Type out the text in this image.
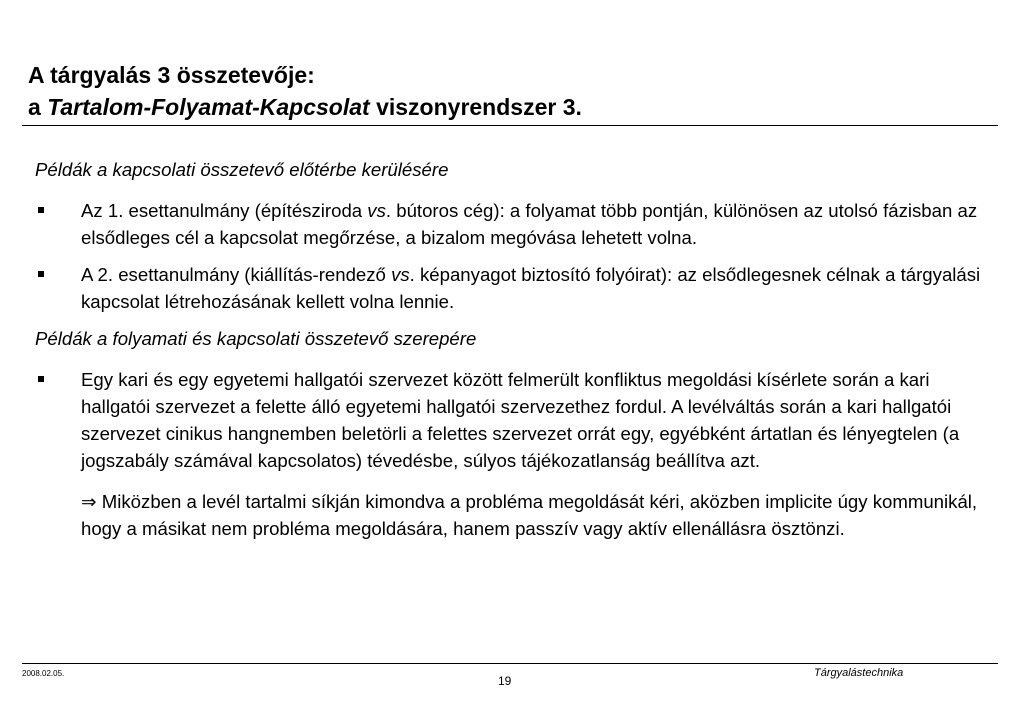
A tárgyalás 3 összetevője:
a Tartalom-Folyamat-Kapcsolat viszonyrendszer 3.

Példák a kapcsolati összetevő előtérbe kerülésére

Az 1. esettanulmány (építésziroda vs. bútoros cég): a folyamat több pontján, különösen az utolsó fázisban az elsődleges cél a kapcsolat megőrzése, a bizalom megóvása lehetett volna.
A 2. esettanulmány (kiállítás-rendező vs. képanyagot biztosító folyóirat): az elsődlegesnek célnak a tárgyalási kapcsolat létrehozásának kellett volna lennie.

Példák a folyamati és kapcsolati összetevő szerepére

Egy kari és egy egyetemi hallgatói szervezet között felmerült konfliktus megoldási kísérlete során a kari hallgatói szervezet a felette álló egyetemi hallgatói szervezethez fordul. A levélváltás során a kari hallgatói szervezet cinikus hangnemben beletörli a felettes szervezet orrát egy, egyébként ártatlan és lényegtelen (a jogszabály számával kapcsolatos) tévedésbe, súlyos tájékozatlanság beállítva azt.

⇒ Miközben a levél tartalmi síkján kimondva a probléma megoldását kéri, aközben implicite úgy kommunikál, hogy a másikat nem probléma megoldására, hanem passzív vagy aktív ellenállásra ösztönzi.

2008.02.05.
19
Tárgyalástechnika
